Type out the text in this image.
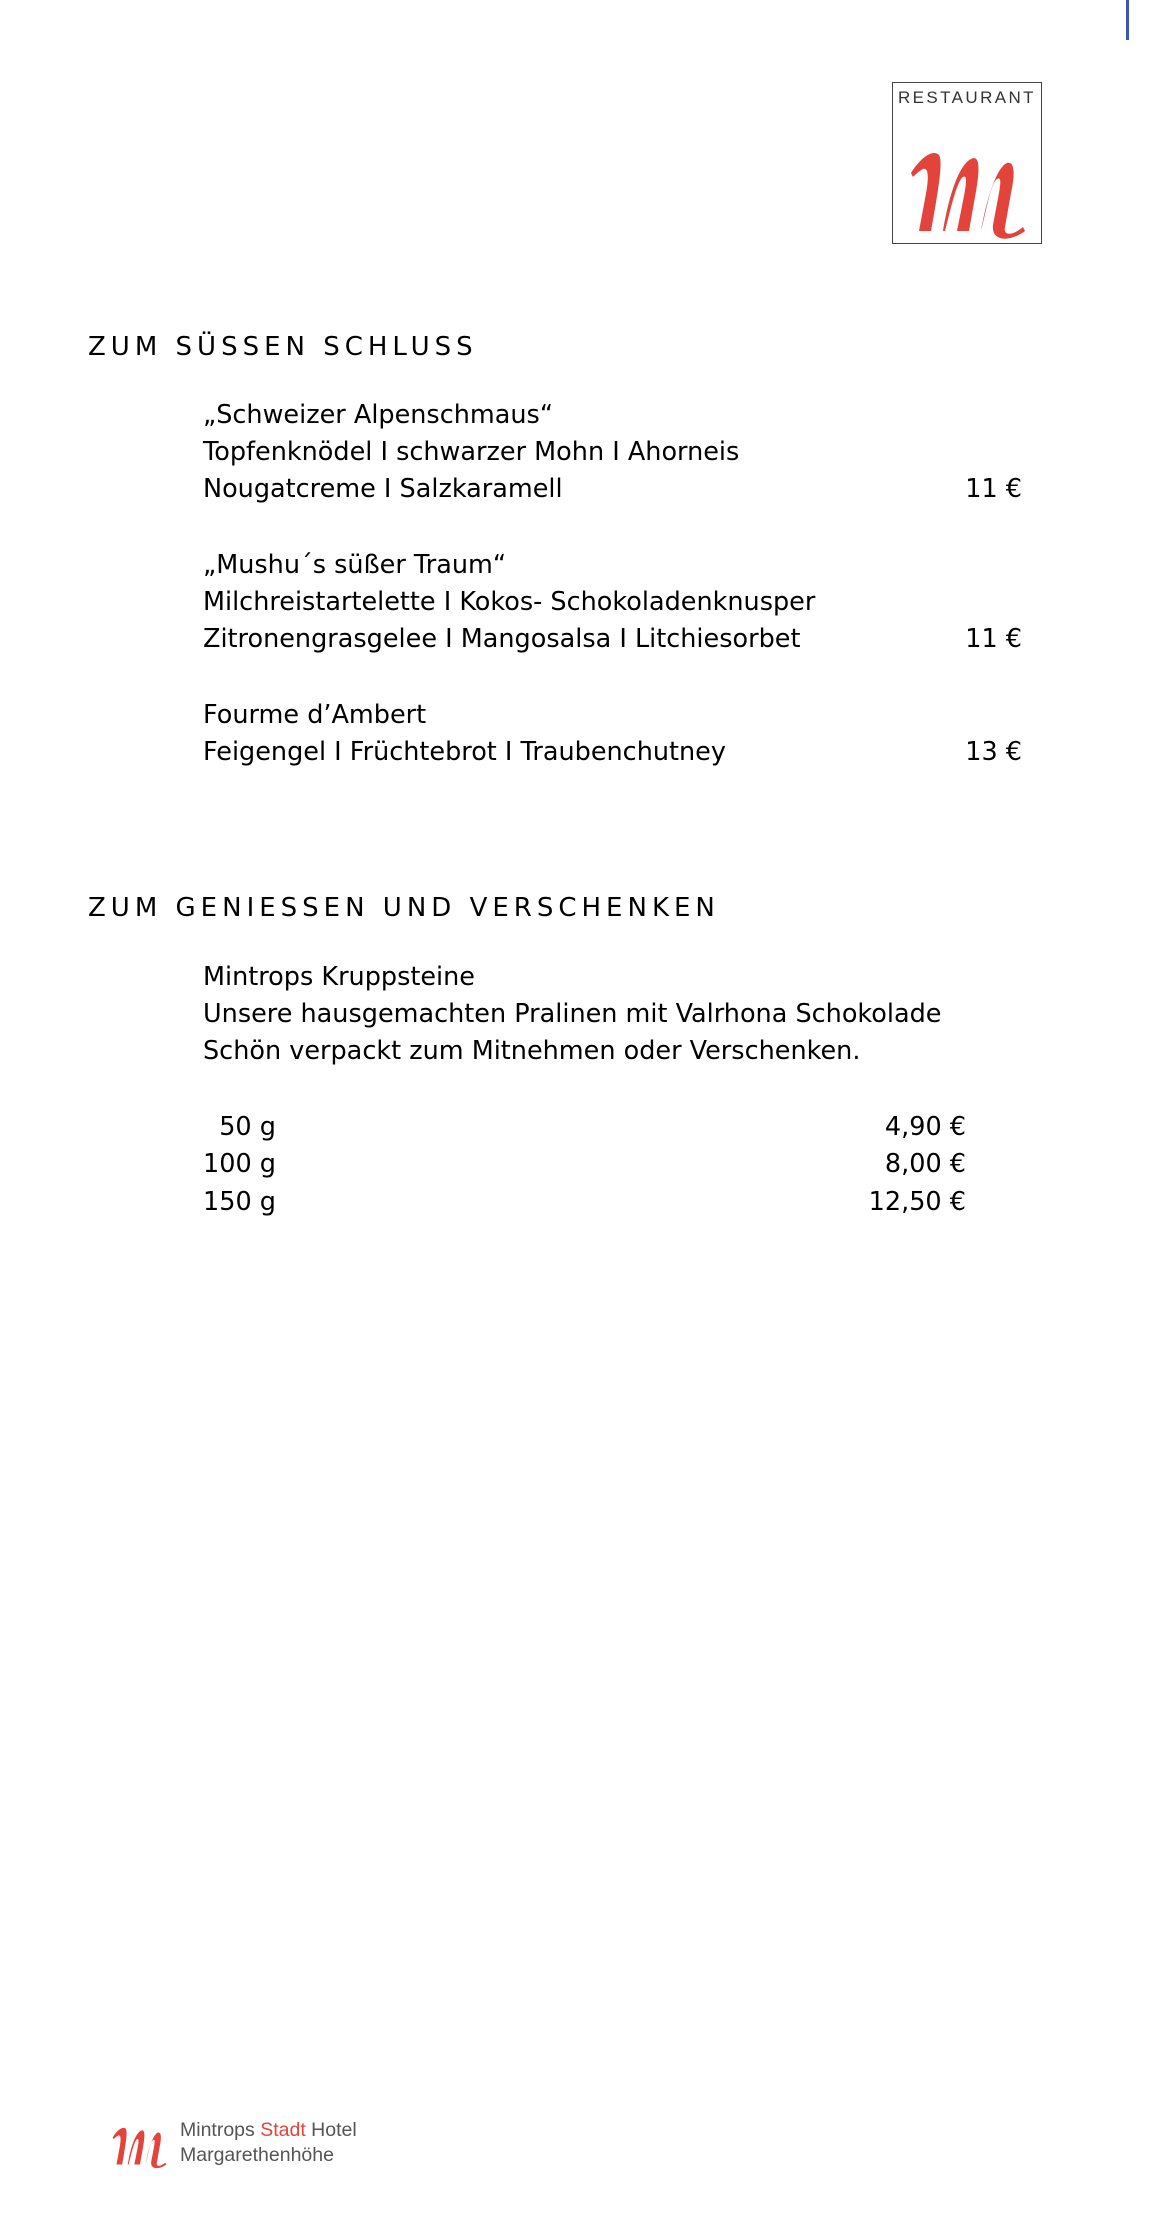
RESTAURANT
ZUM SÜSSEN SCHLUSS
„Schweizer Alpenschmaus“
Topfenknödel I schwarzer Mohn I Ahorneis
Nougatcreme I Salzkaramell	11 €
„Mushu´s süßer Traum“
Milchreistartelette I Kokos- Schokoladenknusper
Zitronengrasgelee I Mangosalsa I Litchiesorbet	11 €
Fourme d’Ambert
Feigengel I Früchtebrot I Traubenchutney	13 €
ZUM GENIESSEN UND VERSCHENKEN
Mintrops Kruppsteine
Unsere hausgemachten Pralinen mit Valrhona Schokolade
Schön verpackt zum Mitnehmen oder Verschenken.
50 g	4,90 €
100 g	8,00 €
150 g	12,50 €
Mintrops Stadt Hotel
Margarethenhöhe
